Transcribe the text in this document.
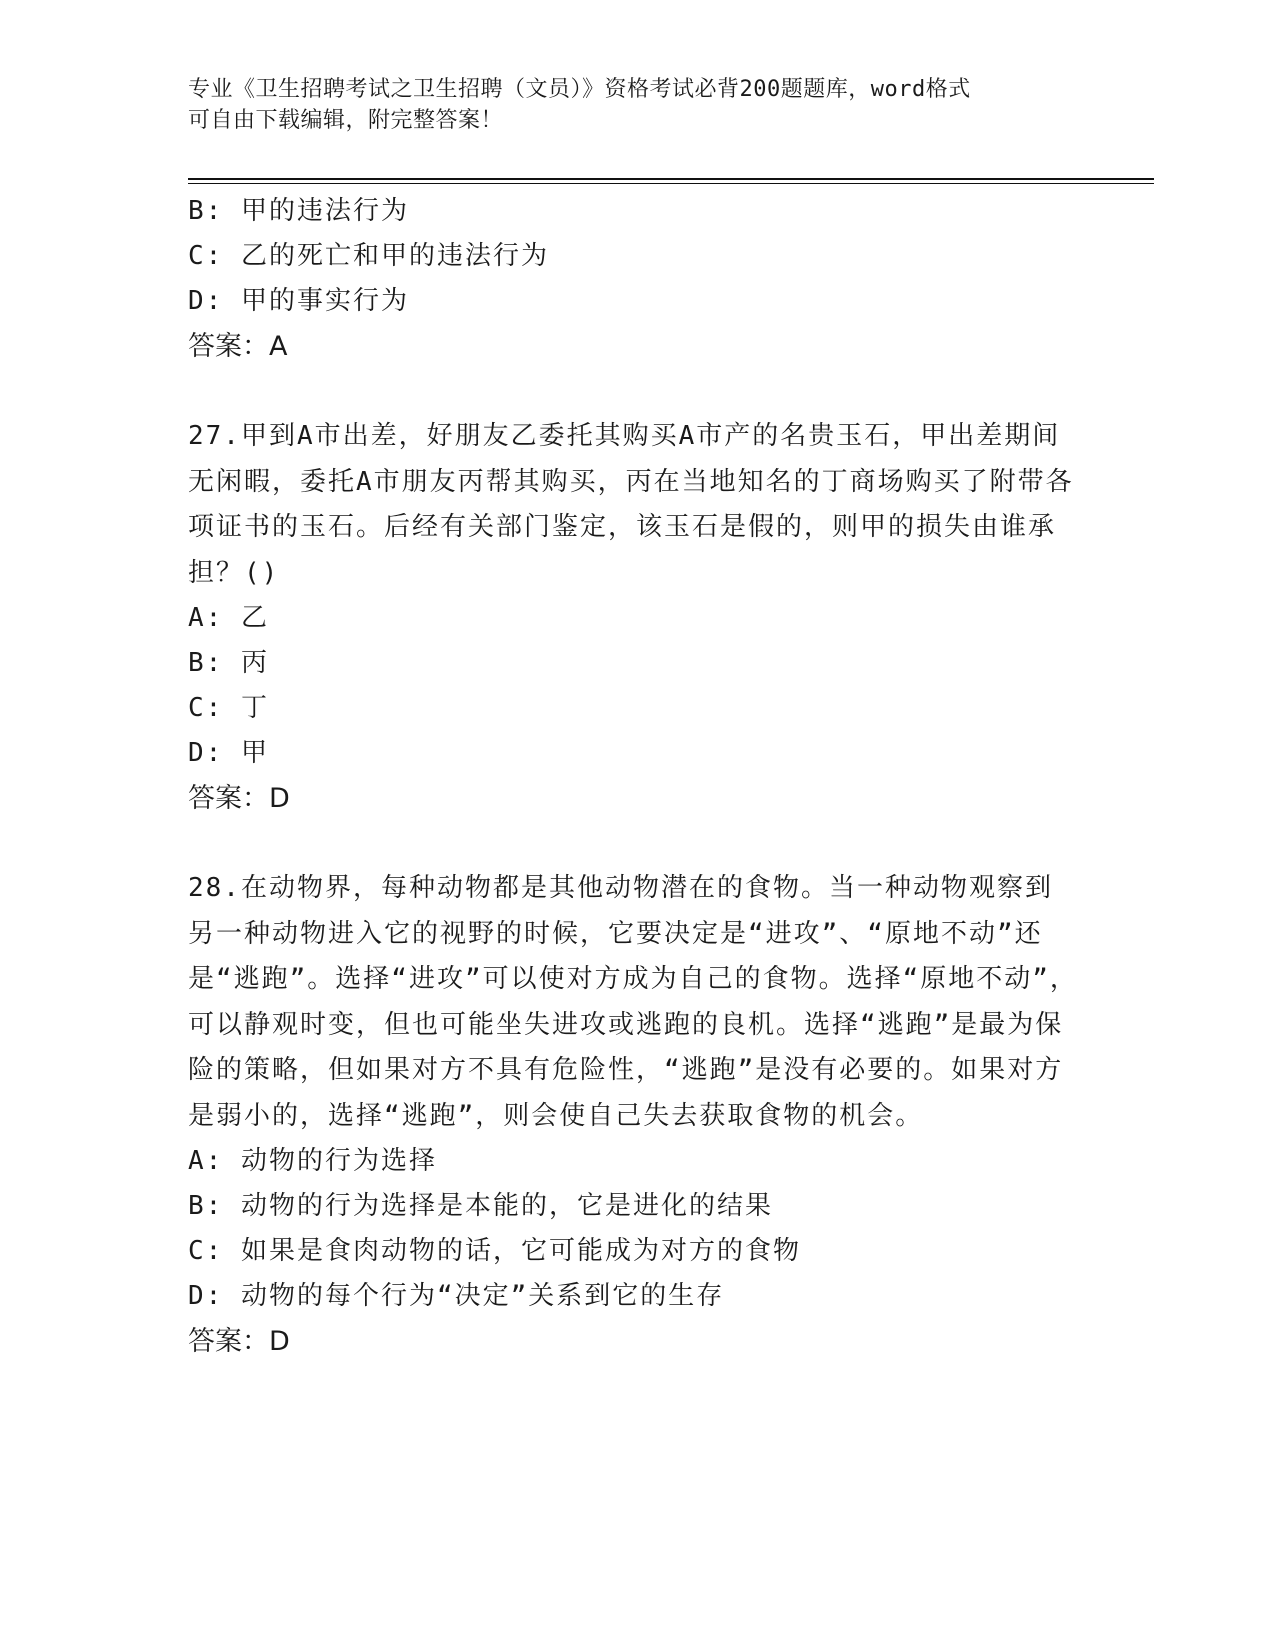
专业《卫生招聘考试之卫生招聘（文员）》资格考试必背200题题库，word格式
可自由下载编辑，附完整答案！
B: 甲的违法行为
C: 乙的死亡和甲的违法行为
D: 甲的事实行为
答案：A
27.甲到A市出差，好朋友乙委托其购买A市产的名贵玉石，甲出差期间无闲暇，委托A市朋友丙帮其购买，丙在当地知名的丁商场购买了附带各项证书的玉石。后经有关部门鉴定，该玉石是假的，则甲的损失由谁承担？()
A: 乙
B: 丙
C: 丁
D: 甲
答案：D
28.在动物界，每种动物都是其他动物潜在的食物。当一种动物观察到另一种动物进入它的视野的时候，它要决定是“进攻”、“原地不动”还是“逃跑”。选择“进攻”可以使对方成为自己的食物。选择“原地不动”，可以静观时变，但也可能坐失进攻或逃跑的良机。选择“逃跑”是最为保险的策略，但如果对方不具有危险性，“逃跑”是没有必要的。如果对方是弱小的，选择“逃跑”，则会使自己失去获取食物的机会。
A: 动物的行为选择
B: 动物的行为选择是本能的，它是进化的结果
C: 如果是食肉动物的话，它可能成为对方的食物
D: 动物的每个行为“决定”关系到它的生存
答案：D
